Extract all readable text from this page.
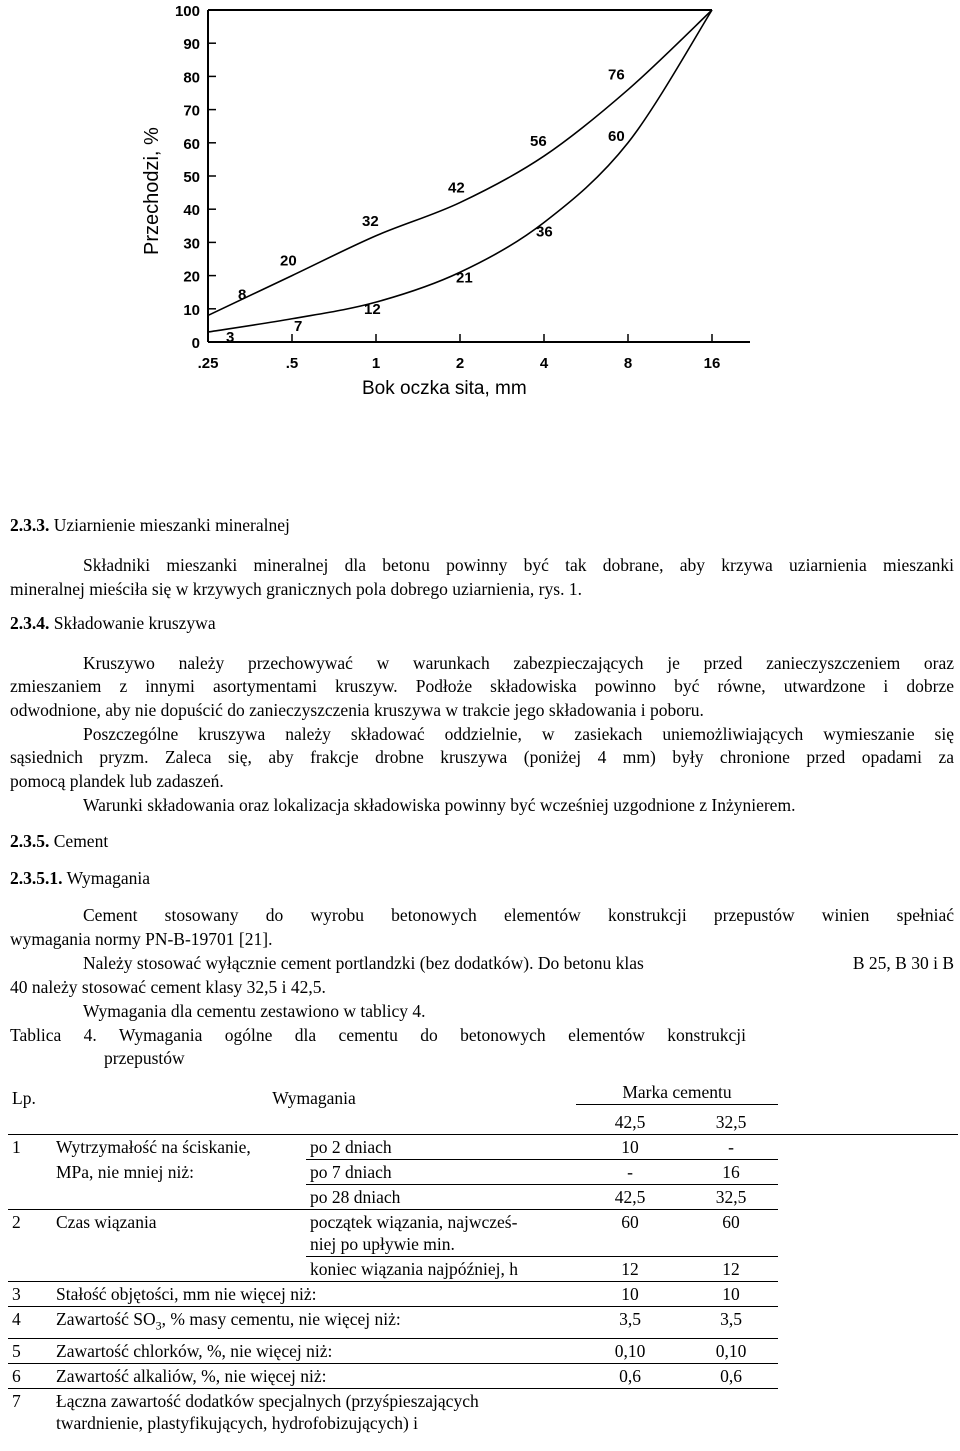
100
90
80
70
60
50
40
30
20
10
0
.25	.5	1	2	4	8	16
8
20
32
42
56
76
3
7
12
21
36
60
Przechodzi, %
Bok oczka sita, mm
2.3.3. Uziarnienie mieszanki mineralnej
Składniki mieszanki mineralnej dla betonu powinny być tak dobrane, aby krzywa uziarnienia mieszanki
mineralnej mieściła się w krzywych granicznych pola dobrego uziarnienia, rys. 1.
2.3.4. Składowanie kruszywa
Kruszywo należy przechowywać w warunkach zabezpieczających je przed zanieczyszczeniem oraz
zmieszaniem z innymi asortymentami kruszyw. Podłoże składowiska powinno być równe, utwardzone i dobrze
odwodnione, aby nie dopuścić do zanieczyszczenia kruszywa w trakcie jego składowania i poboru.
Poszczególne kruszywa należy składować oddzielnie, w zasiekach uniemożliwiających wymieszanie się
sąsiednich pryzm. Zaleca się, aby frakcje drobne kruszywa (poniżej 4 mm) były chronione przed opadami za
pomocą plandek lub zadaszeń.
Warunki składowania oraz lokalizacja składowiska powinny być wcześniej uzgodnione z Inżynierem.
2.3.5. Cement
2.3.5.1. Wymagania
Cement stosowany do wyrobu betonowych elementów konstrukcji przepustów winien spełniać
wymagania normy PN-B-19701 [21].
Należy stosować wyłącznie cement portlandzki (bez dodatków). Do betonu klas	B 25, B 30 i B
40 należy stosować cement klasy 32,5 i 42,5.
Wymagania dla cementu zestawiono w tablicy 4.
Tablica 4. Wymagania ogólne dla cementu do betonowych elementów konstrukcji
przepustów
Lp.	Wymagania		Marka cementu		
			42,5	32,5	
1	Wytrzymałość na ściskanie,	po 2 dniach	10	-	
	MPa, nie mniej niż:	po 7 dniach	-	16	
		po 28 dniach	42,5	32,5	
2	Czas wiązania	początek wiązania, najwcześ-
niej po upływie min.	60	60	
		koniec wiązania najpóźniej, h	12	12	
3	Stałość objętości, mm nie więcej niż:		10	10	
4	Zawartość $SO_3$, % masy cementu, nie więcej niż:		3,5	3,5	
5	Zawartość chlorków, %, nie więcej niż:		0,10	0,10	
6	Zawartość alkaliów, %, nie więcej niż:		0,6	0,6	
7	Łączna zawartość dodatków specjalnych (przyśpieszających
twardnienie, plastyfikujących, hydrofobizujących) i				
